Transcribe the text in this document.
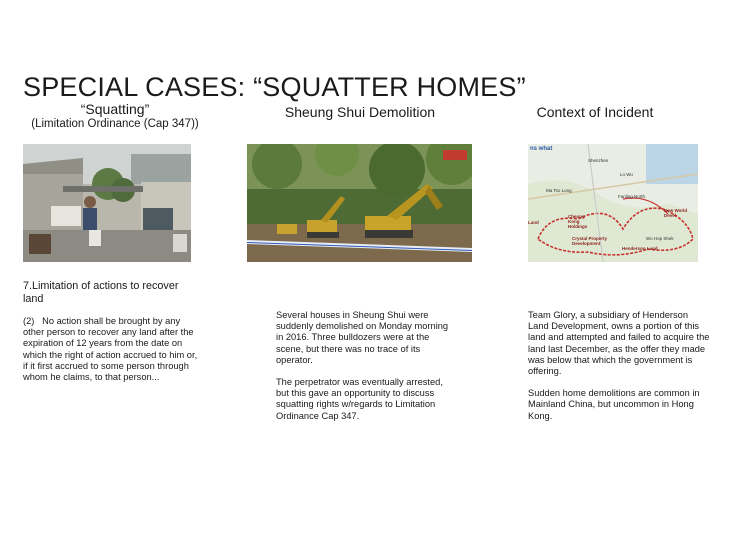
SPECIAL CASES: “SQUATTER HOMES”
“Squatting”
(Limitation Ordinance (Cap 347))
7.Limitation of actions to recover land

(2)   No action shall be brought by any other person to recover any land after the expiration of 12 years from the date on which the right of action accrued to him or, if it first accrued to some person through whom he claims, to that person...

Sheung Shui Demolition

Several houses in Sheung Shui were suddenly demolished on Monday morning in 2016. Three bulldozers were at the scene, but there was no trace of its operator.

The perpetrator was eventually arrested, but this gave an opportunity to discuss squatting rights w/regards to Limitation Ordinance Cap 347.

Context of Incident
ns what
Shenzhen
Lo Wu
Ma Tso Lung
Fanling North
Cheung Kong Holdings
New World Devel
Land
Crystal Property Development
Henderson Land
Wo Hop Shek

Team Glory, a subsidiary of Henderson Land Development, owns a portion of this land and attempted and failed to acquire the land last December, as the offer they made was below that which the government is offering.

Sudden home demolitions are common in Mainland China, but uncommon in Hong Kong.
